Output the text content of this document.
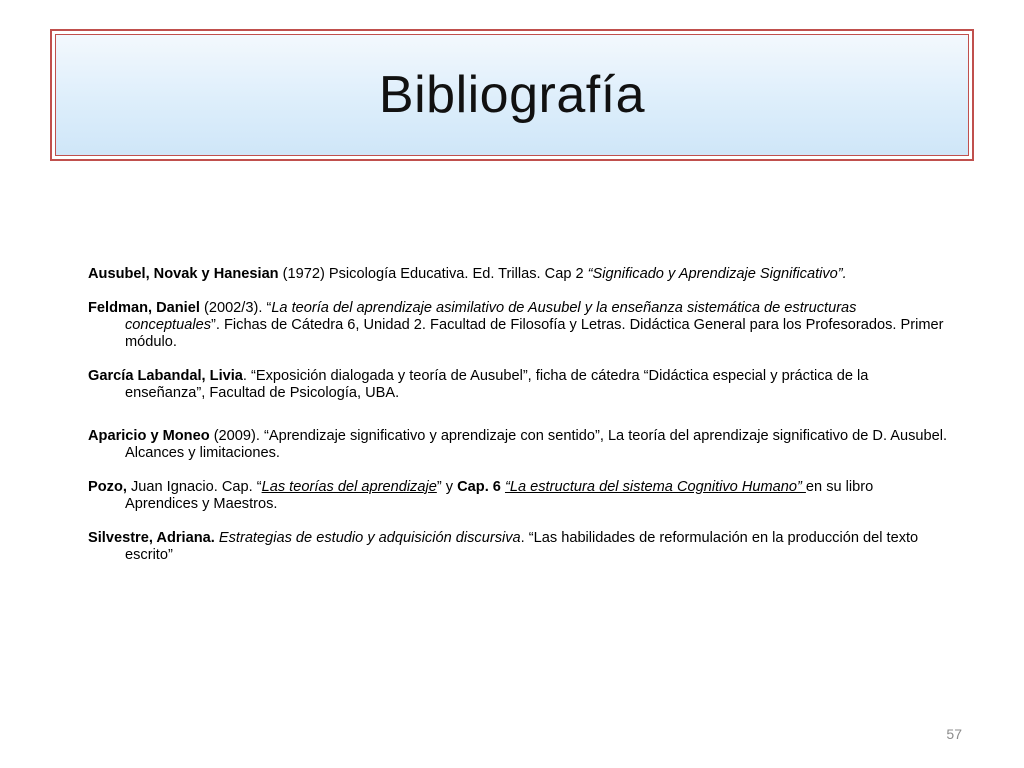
Bibliografía

Ausubel, Novak y Hanesian (1972) Psicología Educativa. Ed. Trillas. Cap 2 “Significado y Aprendizaje Significativo”.

Feldman, Daniel (2002/3). “La teoría del aprendizaje asimilativo de Ausubel y la enseñanza sistemática de estructuras conceptuales”. Fichas de Cátedra 6, Unidad 2. Facultad de Filosofía y Letras. Didáctica General para los Profesorados. Primer módulo.

García Labandal, Livia. “Exposición dialogada y teoría de Ausubel”, ficha de cátedra “Didáctica especial y práctica de la enseñanza”, Facultad de Psicología, UBA.

Aparicio y Moneo (2009). “Aprendizaje significativo y aprendizaje con sentido”, La teoría del aprendizaje significativo de D. Ausubel. Alcances y limitaciones.

Pozo, Juan Ignacio. Cap. “Las teorías del aprendizaje” y Cap. 6 “La estructura del sistema Cognitivo Humano” en su libro Aprendices y Maestros.

Silvestre, Adriana. Estrategias de estudio y adquisición discursiva. “Las habilidades de reformulación en la producción del texto escrito”

57
